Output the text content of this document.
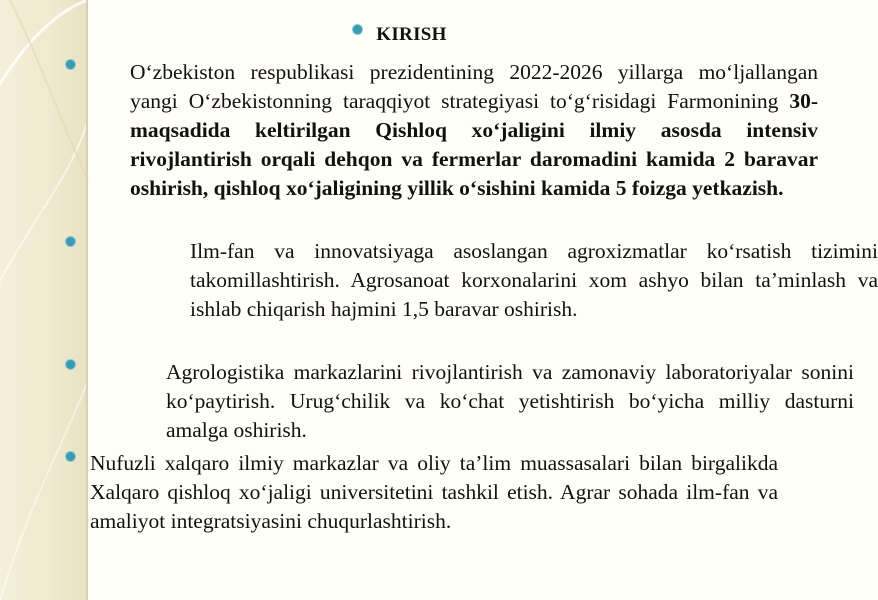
KIRISH
O‘zbekiston respublikasi prezidentining 2022-2026 yillarga mo‘ljallangan yangi O‘zbekistonning taraqqiyot strategiyasi to‘g‘risidagi Farmonining 30-maqsadida keltirilgan Qishloq xo‘jaligini ilmiy asosda intensiv rivojlantirish orqali dehqon va fermerlar daromadini kamida 2 baravar oshirish, qishloq xo‘jaligining yillik o‘sishini kamida 5 foizga yetkazish.
Ilm-fan va innovatsiyaga asoslangan agroxizmatlar ko‘rsatish tizimini takomillashtirish. Agrosanoat korxonalarini xom ashyo bilan ta’minlash va ishlab chiqarish hajmini 1,5 baravar oshirish.
Agrologistika markazlarini rivojlantirish va zamonaviy laboratoriyalar sonini ko‘paytirish. Urug‘chilik va ko‘chat yetishtirish bo‘yicha milliy dasturni amalga oshirish.
Nufuzli xalqaro ilmiy markazlar va oliy ta’lim muassasalari bilan birgalikda Xalqaro qishloq xo‘jaligi universitetini tashkil etish. Agrar sohada ilm-fan va amaliyot integratsiyasini chuqurlashtirish.
